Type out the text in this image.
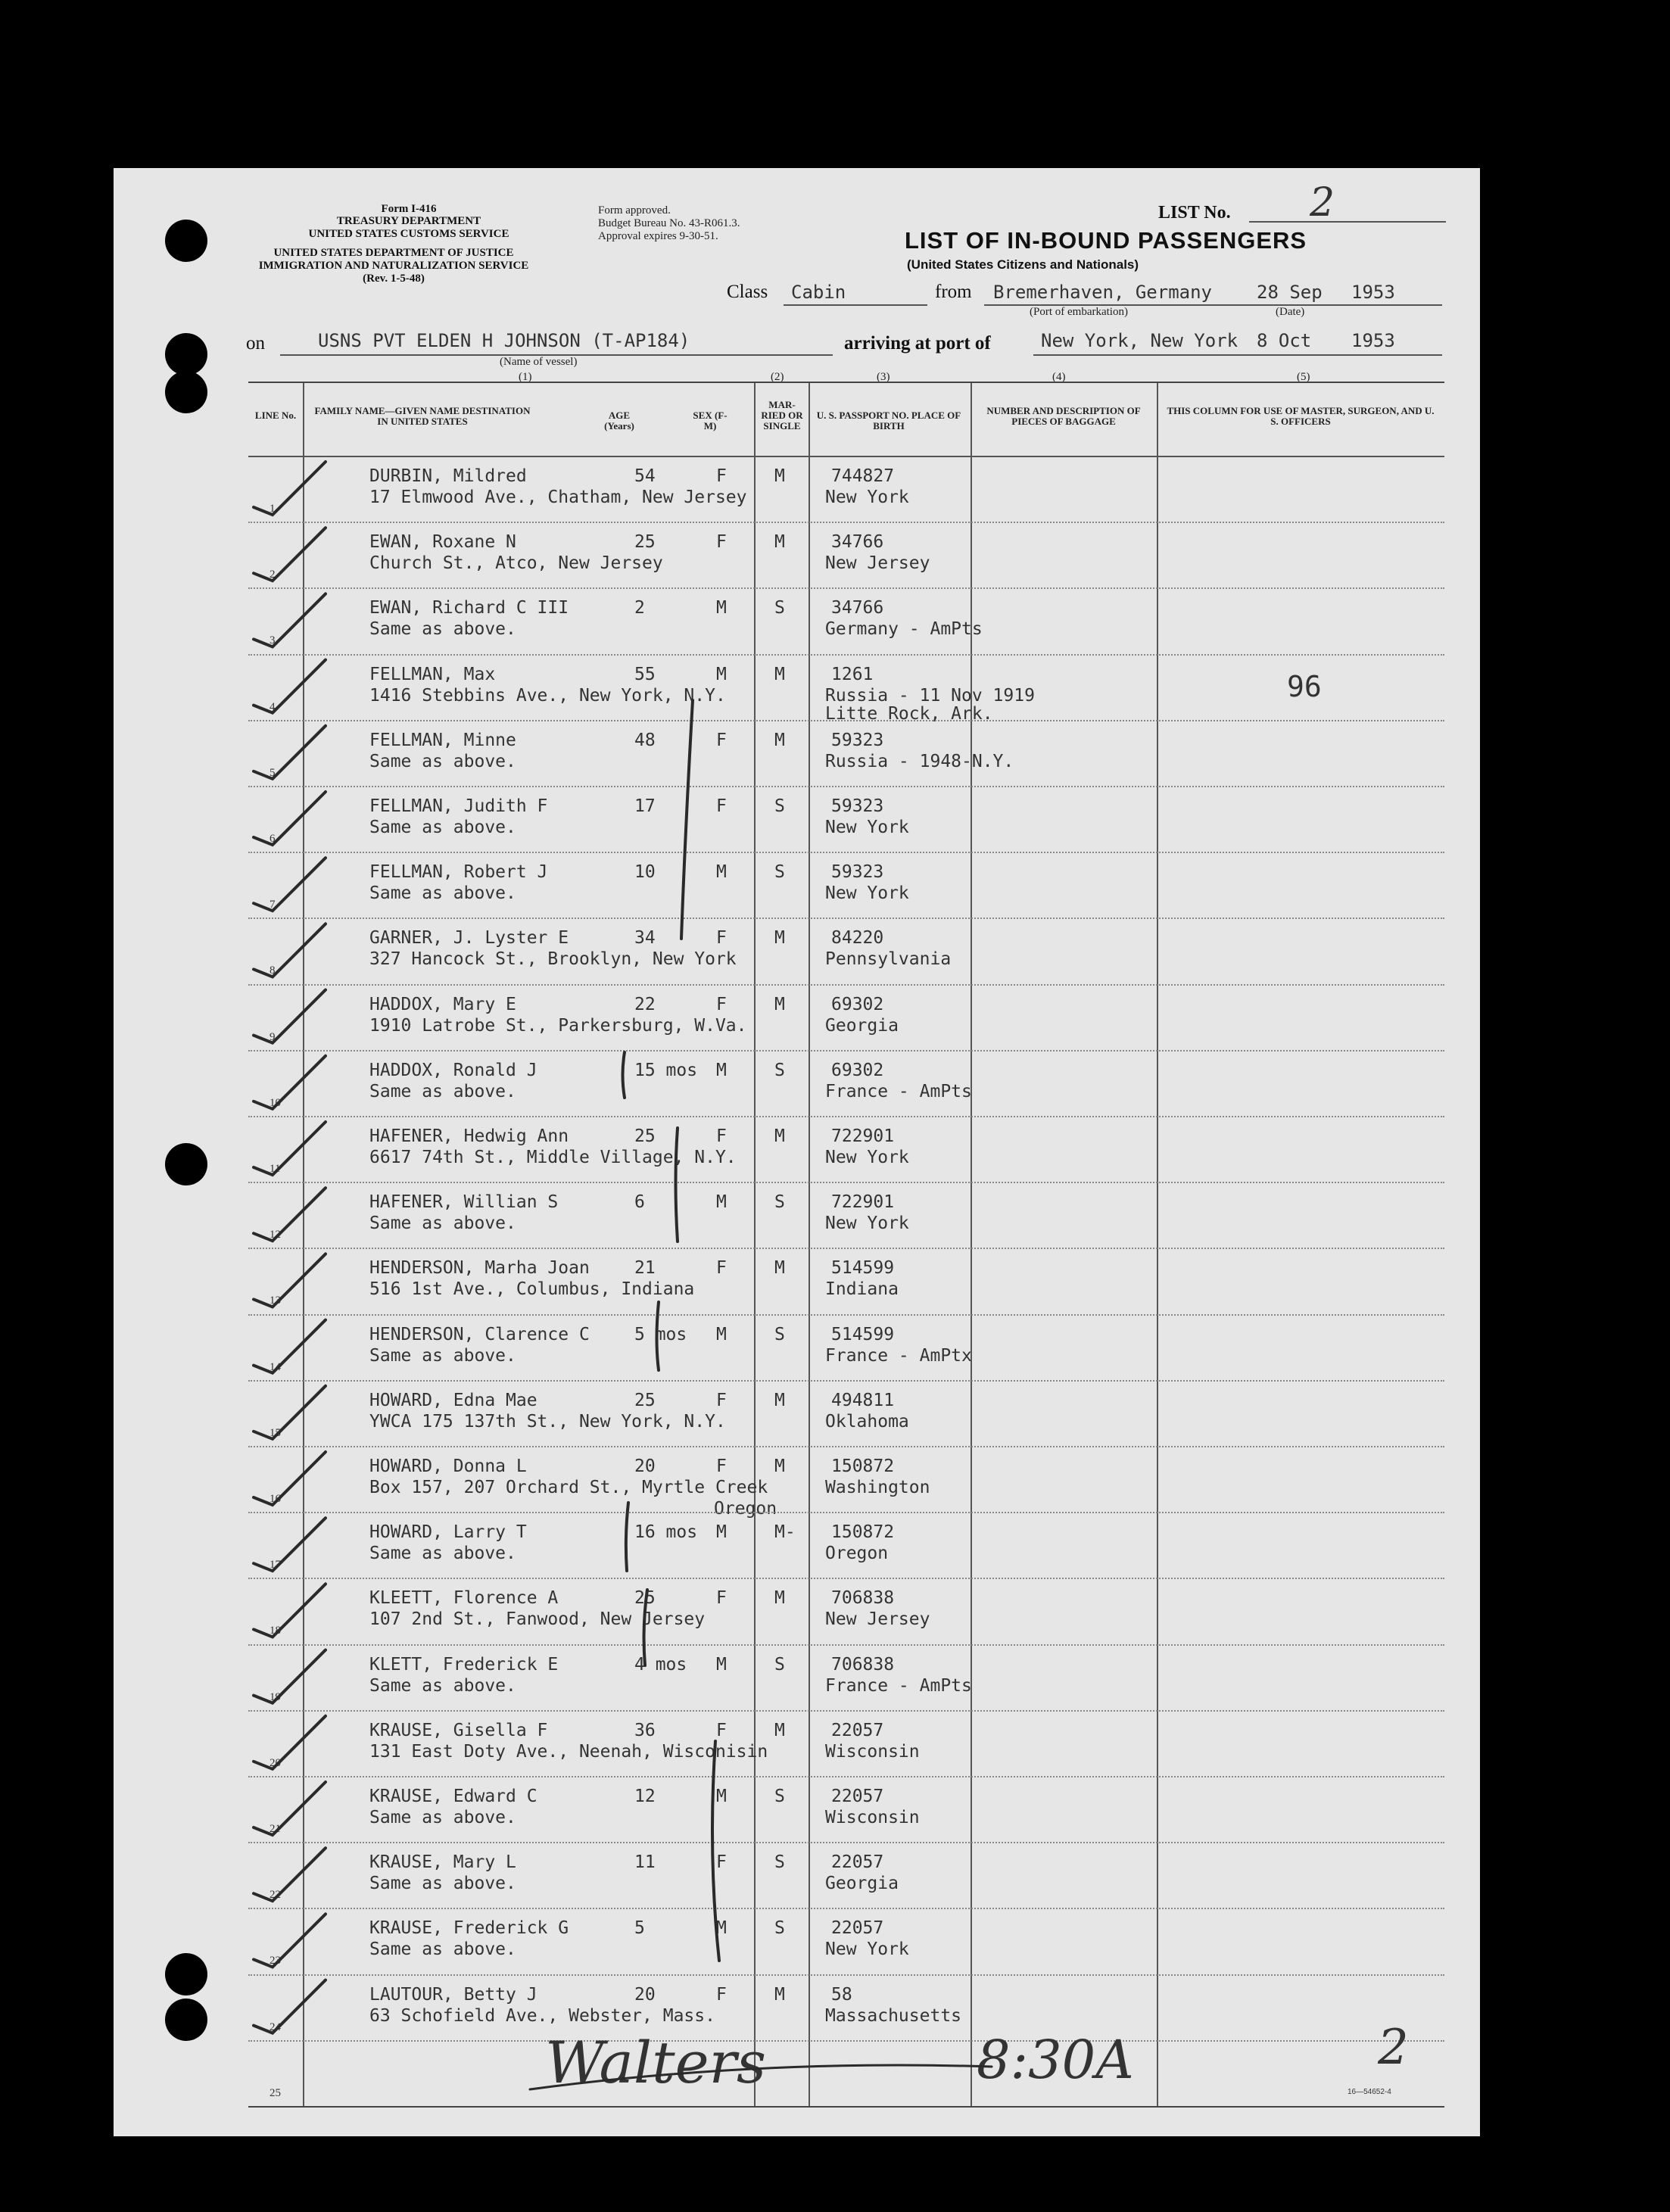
Form I-416
TREASURY DEPARTMENT
UNITED STATES CUSTOMS SERVICE
UNITED STATES DEPARTMENT OF JUSTICE
IMMIGRATION AND NATURALIZATION SERVICE
(Rev. 1-5-48)
Form approved.
Budget Bureau No. 43-R061.3.
Approval expires 9-30-51.
LIST No. 2
LIST OF IN-BOUND PASSENGERS
(United States Citizens and Nationals)
Class Cabin	from Bremerhaven, Germany 28 Sep 1953
(Port of embarkation)	(Date)
on	USNS PVT ELDEN H JOHNSON (T-AP184)
(Name of vessel)
arriving at port of	New York, New York 8 Oct 1953
(1)	(2)	(3)	(4)	(5)
LINE No.	FAMILY NAME—GIVEN NAME DESTINATION IN UNITED STATES
AGE (Years)
SEX (F-M)
MAR- RIED OR SINGLE
U. S. PASSPORT NO. PLACE OF BIRTH
NUMBER AND DESCRIPTION OF PIECES OF BAGGAGE
THIS COLUMN FOR USE OF MASTER, SURGEON, AND U. S. OFFICERS
1
DURBIN, Mildred
17 Elmwood Ave., Chatham, New Jersey
54	F	M	744827
New York
2
EWAN, Roxane N
Church St., Atco, New Jersey
25	F	M	34766
New Jersey
3
EWAN, Richard C III
Same as above.
2	M	S	34766
Germany - AmPts
4
FELLMAN, Max
1416 Stebbins Ave., New York, N.Y.
55	M	M	1261
Russia - 11 Nov 1919
Litte Rock, Ark.
5
FELLMAN, Minne
Same as above.
48	F	M	59323
Russia - 1948-N.Y.
6
FELLMAN, Judith F
Same as above.
17	F	S	59323
New York
7
FELLMAN, Robert J
Same as above.
10	M	S	59323
New York
8
GARNER, J. Lyster E
327 Hancock St., Brooklyn, New York
34	F	M	84220
Pennsylvania
9
HADDOX, Mary E
1910 Latrobe St., Parkersburg, W.Va.
22	F	M	69302
Georgia
10
HADDOX, Ronald J
Same as above.
15 mos M	S	69302
France - AmPts
11
HAFENER, Hedwig Ann
6617 74th St., Middle Village, N.Y.
25	F	M	722901
New York
12
HAFENER, Willian S
Same as above.
6	M	S	722901
New York
13
HENDERSON, Marha Joan
516 1st Ave., Columbus, Indiana
21	F	M	514599
Indiana
14
HENDERSON, Clarence C
Same as above.
5 mos M	S	514599
France - AmPtx
15
HOWARD, Edna Mae
YWCA 175 137th St., New York, N.Y.
25	F	M	494811
Oklahoma
16
HOWARD, Donna L
Box 157, 207 Orchard St., Myrtle Creek
Oregon
20	F	M	150872
Washington
17
HOWARD, Larry T
Same as above.
16 mos M	M- 150872
Oregon
18
KLEETT, Florence A
107 2nd St., Fanwood, New Jersey
25	F	M	706838
New Jersey
19
KLETT, Frederick E
Same as above.
4 mos M	S	706838
France - AmPts
20
KRAUSE, Gisella F
131 East Doty Ave., Neenah, Wisconisin
36	F	M	22057
Wisconsin
21
KRAUSE, Edward C
Same as above.
12	M	S	22057
Wisconsin
22
KRAUSE, Mary L
Same as above.
11	F	S	22057
Georgia
23
KRAUSE, Frederick G
Same as above.
5	M	S	22057
New York
24
LAUTOUR, Betty J
63 Schofield Ave., Webster, Mass.
20	F	M	58
Massachusetts
25
96
Walters	8:30A	2
16—54652-4
